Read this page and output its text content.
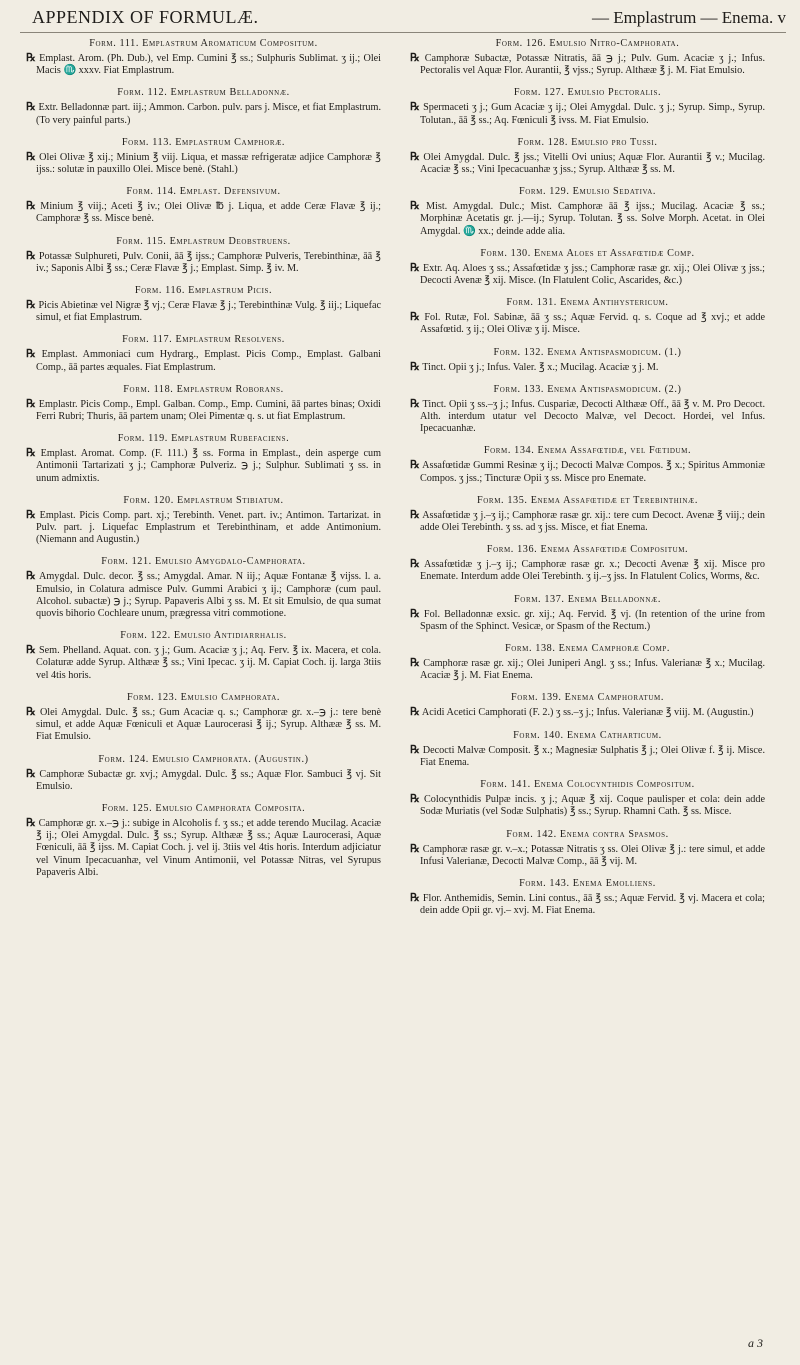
APPENDIX OF FORMULÆ.	— Emplastrum — Enema. v
Form. 111. Emplastrum Aromaticum Compositum.
℞ Emplast. Arom. (Ph. Dub.), vel Emp. Cumini ℥ ss.; Sulphuris Sublimat. ʒ ij.; Olei Macis ♏ xxxv. Fiat Emplastrum.
Form. 112. Emplastrum Belladonnæ.
℞ Extr. Belladonnæ part. iij.; Ammon. Carbon. pulv. pars j. Misce, et fiat Emplastrum. (To very painful parts.)
Form. 113. Emplastrum Camphoræ.
℞ Olei Olivæ ℥ xij.; Minium ℥ viij. Liqua, et massæ refrigeratæ adjice Camphoræ ℥ ijss.: solutæ in pauxillo Olei. Misce benè. (Stahl.)
Form. 114. Emplast. Defensivum.
℞ Minium ℥ viij.; Aceti ℥ iv.; Olei Olivæ ℔ j. Liqua, et adde Ceræ Flavæ ℥ ij.; Camphoræ ℥ ss. Misce benè.
Form. 115. Emplastrum Deobstruens.
℞ Potassæ Sulphureti, Pulv. Conii, āā ℥ ijss.; Camphoræ Pulveris, Terebinthinæ, āā ℥ iv.; Saponis Albi ℥ ss.; Ceræ Flavæ ℥ j.; Emplast. Simp. ℥ iv. M.
Form. 116. Emplastrum Picis.
℞ Picis Abietinæ vel Nigræ ℥ vj.; Ceræ Flavæ ℥ j.; Terebinthinæ Vulg. ℥ iij.; Liquefac simul, et fiat Emplastrum.
Form. 117. Emplastrum Resolvens.
℞ Emplast. Ammoniaci cum Hydrarg., Emplast. Picis Comp., Emplast. Galbani Comp., āā partes æquales. Fiat Emplastrum.
Form. 118. Emplastrum Roborans.
℞ Emplastr. Picis Comp., Empl. Galban. Comp., Emp. Cumini, āā partes binas; Oxidi Ferri Rubri; Thuris, āā partem unam; Olei Pimentæ q. s. ut fiat Emplastrum.
Form. 119. Emplastrum Rubefaciens.
℞ Emplast. Aromat. Comp. (F. 111.) ℥ ss. Forma in Emplast., dein asperge cum Antimonii Tartarizati ʒ j.; Camphoræ Pulveriz. ℈ j.; Sulphur. Sublimati ʒ ss. in unum admixtis.
Form. 120. Emplastrum Stibiatum.
℞ Emplast. Picis Comp. part. xj.; Terebinth. Venet. part. iv.; Antimon. Tartarizat. in Pulv. part. j. Liquefac Emplastrum et Terebinthinam, et adde Antimonium. (Niemann and Augustin.)
Form. 121. Emulsio Amygdalo-Camphorata.
℞ Amygdal. Dulc. decor. ℥ ss.; Amygdal. Amar. N iij.; Aquæ Fontanæ ℥ vijss. l. a. Emulsio, in Colatura admisce Pulv. Gummi Arabici ʒ ij.; Camphoræ (cum paul. Alcohol. subactæ) ℈ j.; Syrup. Papaveris Albi ʒ ss. M. Et sit Emulsio, de qua sumat quovis bihorio Cochleare unum, prægressa vitri commotione.
Form. 122. Emulsio Antidiarrhalis.
℞ Sem. Phelland. Aquat. con. ʒ j.; Gum. Acaciæ ʒ j.; Aq. Ferv. ℥ ix. Macera, et cola. Colaturæ adde Syrup. Althææ ℥ ss.; Vini Ipecac. ʒ ij. M. Capiat Coch. ij. larga 3tiis vel 4tis horis.
Form. 123. Emulsio Camphorata.
℞ Olei Amygdal. Dulc. ℥ ss.; Gum Acaciæ q. s.; Camphoræ gr. x.–℈ j.: tere benè simul, et adde Aquæ Fœniculi et Aquæ Laurocerasi ℥ ij.; Syrup. Althææ ℥ ss. M. Fiat Emulsio.
Form. 124. Emulsio Camphorata. (Augustin.)
℞ Camphoræ Subactæ gr. xvj.; Amygdal. Dulc. ℥ ss.; Aquæ Flor. Sambuci ℥ vj. Sit Emulsio.
Form. 125. Emulsio Camphorata Composita.
℞ Camphoræ gr. x.–℈ j.: subige in Alcoholis f. ʒ ss.; et adde terendo Mucilag. Acaciæ ℥ ij.; Olei Amygdal. Dulc. ℥ ss.; Syrup. Althææ ℥ ss.; Aquæ Laurocerasi, Aquæ Fœniculi, āā ℥ ijss. M. Capiat Coch. j. vel ij. 3tiis vel 4tis horis. Interdum adjiciatur vel Vinum Ipecacuanhæ, vel Vinum Antimonii, vel Potassæ Nitras, vel Syrupus Papaveris Albi.
Form. 126. Emulsio Nitro-Camphorata.
℞ Camphoræ Subactæ, Potassæ Nitratis, āā ℈ j.; Pulv. Gum. Acaciæ ʒ j.; Infus. Pectoralis vel Aquæ Flor. Aurantii, ℥ vjss.; Syrup. Althææ ℥ j. M. Fiat Emulsio.
Form. 127. Emulsio Pectoralis.
℞ Spermaceti ʒ j.; Gum Acaciæ ʒ ij.; Olei Amygdal. Dulc. ʒ j.; Syrup. Simp., Syrup. Tolutan., āā ℥ ss.; Aq. Fœniculi ℥ ivss. M. Fiat Emulsio.
Form. 128. Emulsio pro Tussi.
℞ Olei Amygdal. Dulc. ℥ jss.; Vitelli Ovi unius; Aquæ Flor. Aurantii ℥ v.; Mucilag. Acaciæ ℥ ss.; Vini Ipecacuanhæ ʒ jss.; Syrup. Althææ ℥ ss. M.
Form. 129. Emulsio Sedativa.
℞ Mist. Amygdal. Dulc.; Mist. Camphoræ āā ℥ ijss.; Mucilag. Acaciæ ℥ ss.; Morphinæ Acetatis gr. j.—ij.; Syrup. Tolutan. ℥ ss. Solve Morph. Acetat. in Olei Amygdal. ♏ xx.; deinde adde alia.
Form. 130. Enema Aloes et Assafœtidæ Comp.
℞ Extr. Aq. Aloes ʒ ss.; Assafœtidæ ʒ jss.; Camphoræ rasæ gr. xij.; Olei Olivæ ʒ jss.; Decocti Avenæ ℥ xij. Misce. (In Flatulent Colic, Ascarides, &c.)
Form. 131. Enema Antihystericum.
℞ Fol. Rutæ, Fol. Sabinæ, āā ʒ ss.; Aquæ Fervid. q. s. Coque ad ℥ xvj.; et adde Assafœtid. ʒ ij.; Olei Olivæ ʒ ij. Misce.
Form. 132. Enema Antispasmodicum. (1.)
℞ Tinct. Opii ʒ j.; Infus. Valer. ℥ x.; Mucilag. Acaciæ ʒ j. M.
Form. 133. Enema Antispasmodicum. (2.)
℞ Tinct. Opii ʒ ss.–ʒ j.; Infus. Cuspariæ, Decocti Althææ Off., āā ℥ v. M. Pro Decoct. Alth. interdum utatur vel Decocto Malvæ, vel Decoct. Hordei, vel Infus. Ipecacuanhæ.
Form. 134. Enema Assafœtidæ, vel Fœtidum.
℞ Assafœtidæ Gummi Resinæ ʒ ij.; Decocti Malvæ Compos. ℥ x.; Spiritus Ammoniæ Compos. ʒ jss.; Tincturæ Opii ʒ ss. Misce pro Enemate.
Form. 135. Enema Assafœtidæ et Terebinthinæ.
℞ Assafœtidæ ʒ j.–ʒ ij.; Camphoræ rasæ gr. xij.: tere cum Decoct. Avenæ ℥ viij.; dein adde Olei Terebinth. ʒ ss. ad ʒ jss. Misce, et fiat Enema.
Form. 136. Enema Assafœtidæ Compositum.
℞ Assafœtidæ ʒ j.–ʒ ij.; Camphoræ rasæ gr. x.; Decocti Avenæ ℥ xij. Misce pro Enemate. Interdum adde Olei Terebinth. ʒ ij.–ʒ jss. In Flatulent Colics, Worms, &c.
Form. 137. Enema Belladonnæ.
℞ Fol. Belladonnæ exsic. gr. xij.; Aq. Fervid. ℥ vj. (In retention of the urine from Spasm of the Sphinct. Vesicæ, or Spasm of the Rectum.)
Form. 138. Enema Camphoræ Comp.
℞ Camphoræ rasæ gr. xij.; Olei Juniperi Angl. ʒ ss.; Infus. Valerianæ ℥ x.; Mucilag. Acaciæ ℥ j. M. Fiat Enema.
Form. 139. Enema Camphoratum.
℞ Acidi Acetici Camphorati (F. 2.) ʒ ss.–ʒ j.; Infus. Valerianæ ℥ viij. M. (Augustin.)
Form. 140. Enema Catharticum.
℞ Decocti Malvæ Composit. ℥ x.; Magnesiæ Sulphatis ℥ j.; Olei Olivæ f. ℥ ij. Misce. Fiat Enema.
Form. 141. Enema Colocynthidis Compositum.
℞ Colocynthidis Pulpæ incis. ʒ j.; Aquæ ℥ xij. Coque paulisper et cola: dein adde Sodæ Muriatis (vel Sodæ Sulphatis) ℥ ss.; Syrup. Rhamni Cath. ℥ ss. Misce.
Form. 142. Enema contra Spasmos.
℞ Camphoræ rasæ gr. v.–x.; Potassæ Nitratis ʒ ss. Olei Olivæ ℥ j.: tere simul, et adde Infusi Valerianæ, Decocti Malvæ Comp., āā ℥ vij. M.
Form. 143. Enema Emolliens.
℞ Flor. Anthemidis, Semin. Lini contus., āā ℥ ss.; Aquæ Fervid. ℥ vj. Macera et cola; dein adde Opii gr. vj.– xvj. M. Fiat Enema.
a 3
